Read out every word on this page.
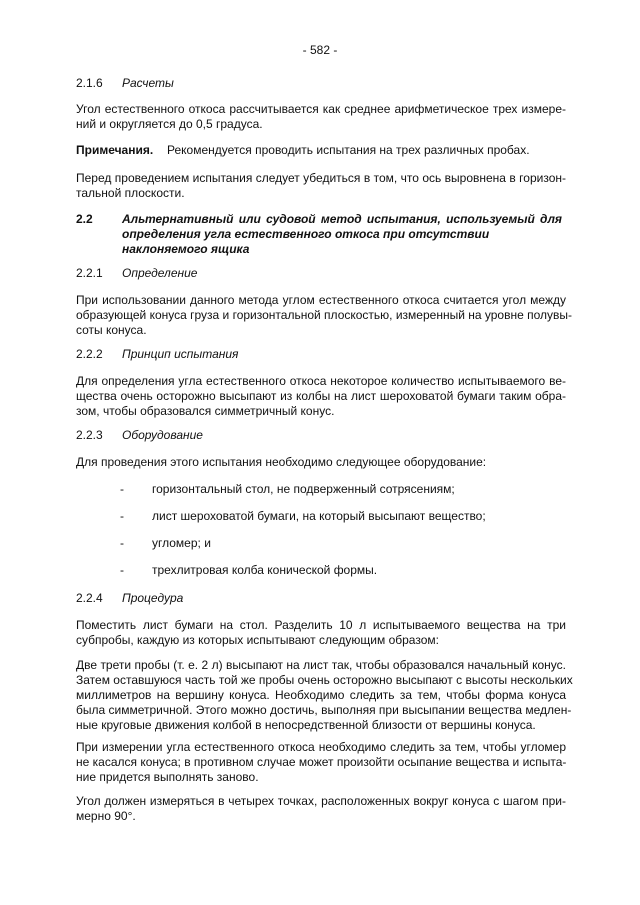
- 582 -
2.1.6 Расчеты
Угол естественного откоса рассчитывается как среднее арифметическое трех измере-
ний и округляется до 0,5 градуса.
Примечания. Рекомендуется проводить испытания на трех различных пробах.
Перед проведением испытания следует убедиться в том, что ось выровнена в горизон-
тальной плоскости.
2.2 Альтернативный или судовой метод испытания, используемый для
определения угла естественного откоса при отсутствии
наклоняемого ящика
2.2.1 Определение
При использовании данного метода углом естественного откоса считается угол между
образующей конуса груза и горизонтальной плоскостью, измеренный на уровне полувы-
соты конуса.
2.2.2 Принцип испытания
Для определения угла естественного откоса некоторое количество испытываемого ве-
щества очень осторожно высыпают из колбы на лист шероховатой бумаги таким обра-
зом, чтобы образовался симметричный конус.
2.2.3 Оборудование
Для проведения этого испытания необходимо следующее оборудование:
- горизонтальный стол, не подверженный сотрясениям;
- лист шероховатой бумаги, на который высыпают вещество;
- угломер; и
- трехлитровая колба конической формы.
2.2.4 Процедура
Поместить лист бумаги на стол. Разделить 10 л испытываемого вещества на три
субпробы, каждую из которых испытывают следующим образом:
Две трети пробы (т. е. 2 л) высыпают на лист так, чтобы образовался начальный конус.
Затем оставшуюся часть той же пробы очень осторожно высыпают с высоты нескольких
миллиметров на вершину конуса. Необходимо следить за тем, чтобы форма конуса
была симметричной. Этого можно достичь, выполняя при высыпании вещества медлен-
ные круговые движения колбой в непосредственной близости от вершины конуса.
При измерении угла естественного откоса необходимо следить за тем, чтобы угломер
не касался конуса; в противном случае может произойти осыпание вещества и испыта-
ние придется выполнять заново.
Угол должен измеряться в четырех точках, расположенных вокруг конуса с шагом при-
мерно 90°.
